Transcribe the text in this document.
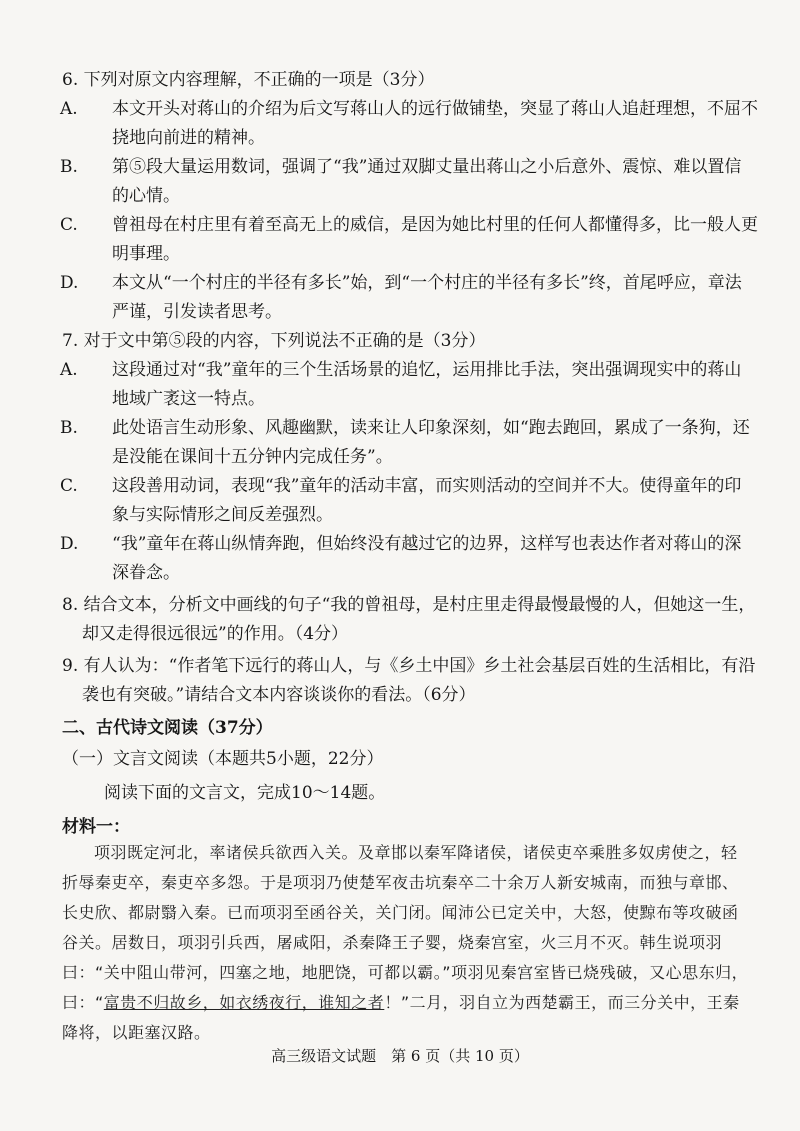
6. 下列对原文内容理解，不正确的一项是（3分）

A. 本文开头对蒋山的介绍为后文写蒋山人的远行做铺垫，突显了蒋山人追赶理想，不屈不挠地向前进的精神。

B. 第⑤段大量运用数词，强调了“我”通过双脚丈量出蒋山之小后意外、震惊、难以置信的心情。

C. 曾祖母在村庄里有着至高无上的威信，是因为她比村里的任何人都懂得多，比一般人更明事理。

D. 本文从“一个村庄的半径有多长”始，到“一个村庄的半径有多长”终，首尾呼应，章法严谨，引发读者思考。

7. 对于文中第⑤段的内容，下列说法不正确的是（3分）

A. 这段通过对“我”童年的三个生活场景的追忆，运用排比手法，突出强调现实中的蒋山地域广袤这一特点。

B. 此处语言生动形象、风趣幽默，读来让人印象深刻，如“跑去跑回，累成了一条狗，还是没能在课间十五分钟内完成任务”。

C. 这段善用动词，表现“我”童年的活动丰富，而实则活动的空间并不大。使得童年的印象与实际情形之间反差强烈。

D. “我”童年在蒋山纵情奔跑，但始终没有越过它的边界，这样写也表达作者对蒋山的深深眷念。

8. 结合文本，分析文中画线的句子“我的曾祖母，是村庄里走得最慢最慢的人，但她这一生，却又走得很远很远”的作用。（4分）

9. 有人认为：“作者笔下远行的蒋山人，与《乡土中国》乡土社会基层百姓的生活相比，有沿袭也有突破。”请结合文本内容谈谈你的看法。（6分）

二、古代诗文阅读（37分）

（一）文言文阅读（本题共5小题，22分）

阅读下面的文言文，完成10～14题。

材料一：

项羽既定河北，率诸侯兵欲西入关。及章邯以秦军降诸侯，诸侯吏卒乘胜多奴虏使之，轻折辱秦吏卒，秦吏卒多怨。于是项羽乃使楚军夜击坑秦卒二十余万人新安城南，而独与章邯、长史欣、都尉翳入秦。已而项羽至函谷关，关门闭。闻沛公已定关中，大怒，使黥布等攻破函谷关。居数日，项羽引兵西，屠咸阳，杀秦降王子婴，烧秦宫室，火三月不灭。韩生说项羽曰：“关中阻山带河，四塞之地，地肥饶，可都以霸。”项羽见秦宫室皆已烧残破，又心思东归，曰：“富贵不归故乡，如衣绣夜行，谁知之者！”二月，羽自立为西楚霸王，而三分关中，王秦降将，以距塞汉路。

高三级语文试题　第 6 页（共 10 页）
